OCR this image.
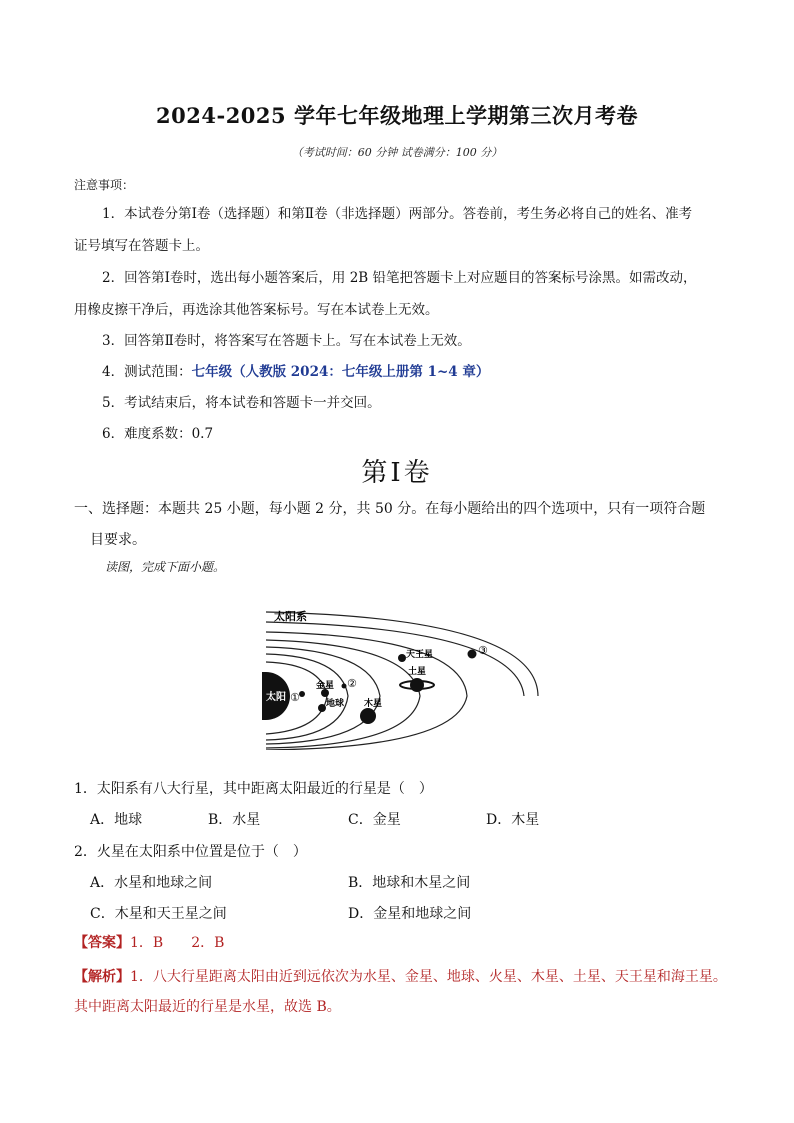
2024-2025 学年七年级地理上学期第三次月考卷
（考试时间：60 分钟 试卷满分：100 分）
注意事项：
1．本试卷分第Ⅰ卷（选择题）和第Ⅱ卷（非选择题）两部分。答卷前，考生务必将自己的姓名、准考
证号填写在答题卡上。
2．回答第Ⅰ卷时，选出每小题答案后，用 2B 铅笔把答题卡上对应题目的答案标号涂黑。如需改动，
用橡皮擦干净后，再选涂其他答案标号。写在本试卷上无效。
3．回答第Ⅱ卷时，将答案写在答题卡上。写在本试卷上无效。
4．测试范围：七年级（人教版 2024：七年级上册第 1~4 章）
5．考试结束后，将本试卷和答题卡一并交回。
6．难度系数：0.7
第Ⅰ卷
一、选择题：本题共 25 小题，每小题 2 分，共 50 分。在每小题给出的四个选项中，只有一项符合题
目要求。
读图，完成下面小题。
太阳系
太阳
金星
地球 木星
土星
天王星
①
②
③
1．太阳系有八大行星，其中距离太阳最近的行星是（　）
A．地球	B．水星	C．金星	D．木星
2．火星在太阳系中位置是位于（　）
A．水星和地球之间	B．地球和木星之间
C．木星和天王星之间	D．金星和地球之间
【答案】1．B　　2．B
【解析】1．八大行星距离太阳由近到远依次为水星、金星、地球、火星、木星、土星、天王星和海王星。
其中距离太阳最近的行星是水星，故选 B。
